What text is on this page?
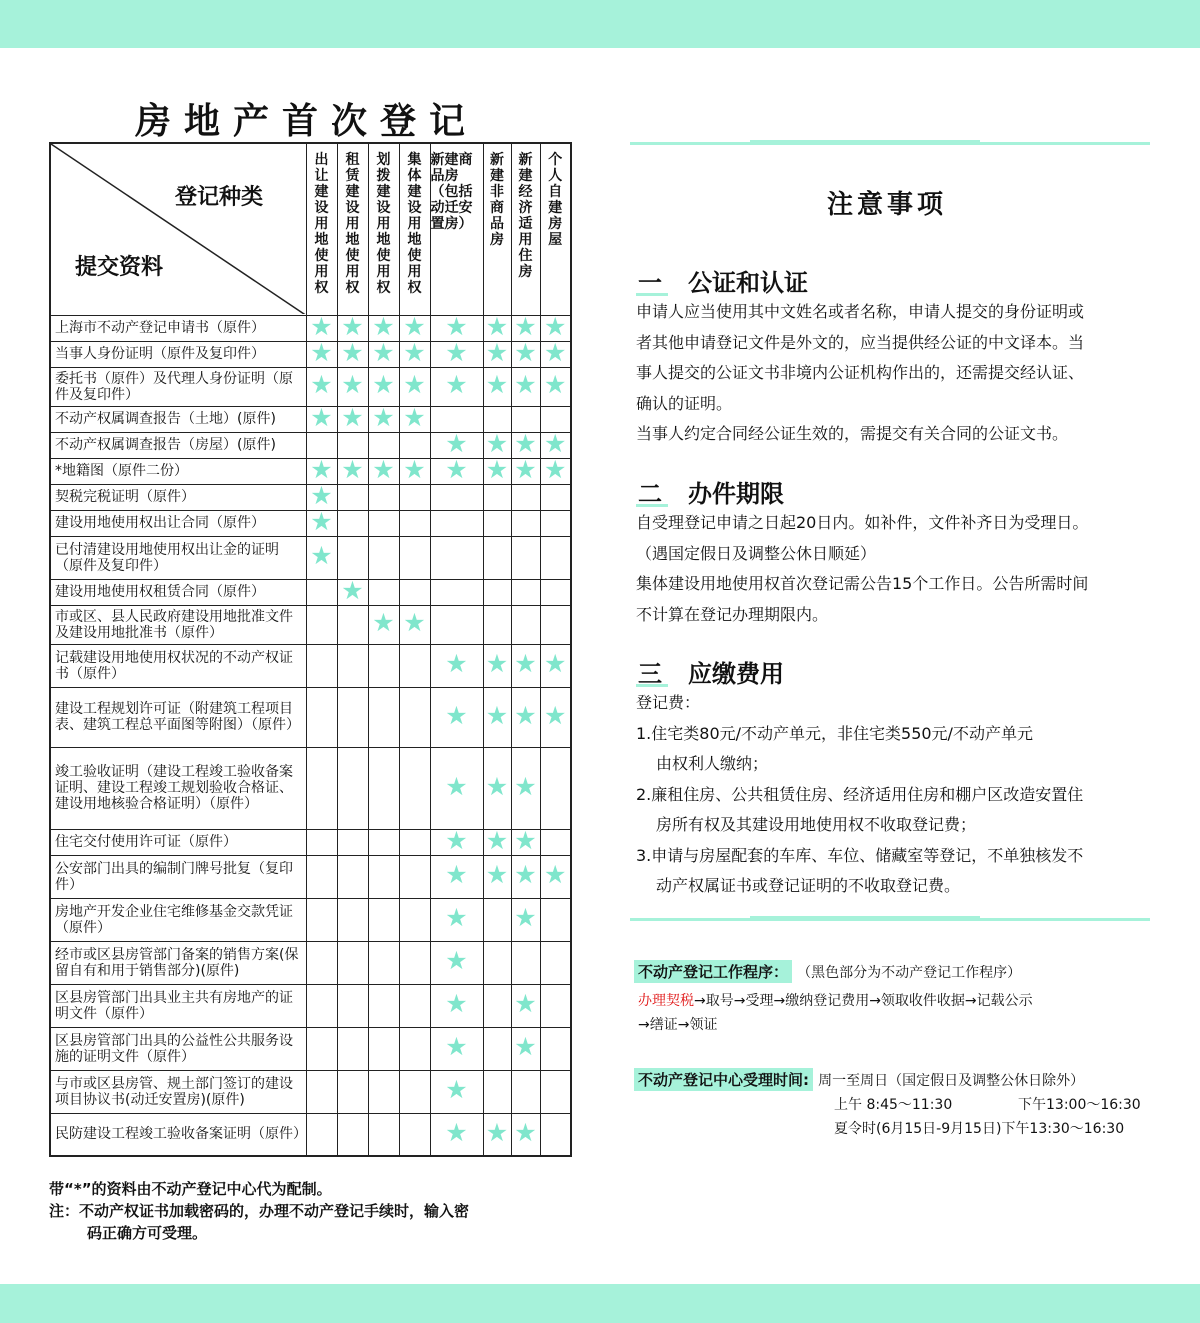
房地产首次登记
登记种类
提交资料	出让建设用地使用权	租赁建设用地使用权	划拨建设用地使用权	集体建设用地使用权	新建商品房（包括动迁安置房）	新建非商品房	新建经济适用住房	个人自建房屋
上海市不动产登记申请书（原件）	★	★	★	★	★	★	★	★
当事人身份证明（原件及复印件）	★	★	★	★	★	★	★	★
委托书（原件）及代理人身份证明（原件及复印件）	★	★	★	★	★	★	★	★
不动产权属调查报告（土地）(原件)	★	★	★	★				
不动产权属调查报告（房屋）(原件)					★	★	★	★
*地籍图（原件二份）	★	★	★	★	★	★	★	★
契税完税证明（原件）	★							
建设用地使用权出让合同（原件）	★							
已付清建设用地使用权出让金的证明（原件及复印件）	★							
建设用地使用权租赁合同（原件）		★						
市或区、县人民政府建设用地批准文件及建设用地批准书（原件）			★	★				
记载建设用地使用权状况的不动产权证书（原件）					★	★	★	★
建设工程规划许可证（附建筑工程项目表、建筑工程总平面图等附图）（原件）					★	★	★	★
竣工验收证明（建设工程竣工验收备案证明、建设工程竣工规划验收合格证、建设用地核验合格证明）（原件）					★	★	★	
住宅交付使用许可证（原件）					★	★	★	
公安部门出具的编制门牌号批复（复印件）					★	★	★	★
房地产开发企业住宅维修基金交款凭证（原件）					★		★	
经市或区县房管部门备案的销售方案(保留自有和用于销售部分)(原件)					★			
区县房管部门出具业主共有房地产的证明文件（原件）					★		★	
区县房管部门出具的公益性公共服务设施的证明文件（原件）					★		★	
与市或区县房管、规土部门签订的建设项目协议书(动迁安置房)(原件)					★			
民防建设工程竣工验收备案证明（原件）					★	★	★	
带“*”的资料由不动产登记中心代为配制。
注：不动产权证书加载密码的，办理不动产登记手续时，输入密
码正确方可受理。
注意事项
一 公证和认证

申请人应当使用其中文姓名或者名称，申请人提交的身份证明或

者其他申请登记文件是外文的，应当提供经公证的中文译本。当

事人提交的公证文书非境内公证机构作出的，还需提交经认证、

确认的证明。

当事人约定合同经公证生效的，需提交有关合同的公证文书。

二 办件期限

自受理登记申请之日起20日内。如补件，文件补齐日为受理日。

（遇国定假日及调整公休日顺延）

集体建设用地使用权首次登记需公告15个工作日。公告所需时间

不计算在登记办理期限内。

三 应缴费用

登记费：

1.住宅类80元/不动产单元，非住宅类550元/不动产单元

由权利人缴纳；

2.廉租住房、公共租赁住房、经济适用住房和棚户区改造安置住

房所有权及其建设用地使用权不收取登记费；

3.申请与房屋配套的车库、车位、储藏室等登记，不单独核发不

动产权属证书或登记证明的不收取登记费。

不动产登记工作程序： （黑色部分为不动产登记工作程序）
办理契税→取号→受理→缴纳登记费用→领取收件收据→记载公示
→缮证→领证
不动产登记中心受理时间: 周一至周日（国定假日及调整公休日除外）
上午 8:45～11:30	下午13:00～16:30
夏令时(6月15日-9月15日)下午13:30～16:30
